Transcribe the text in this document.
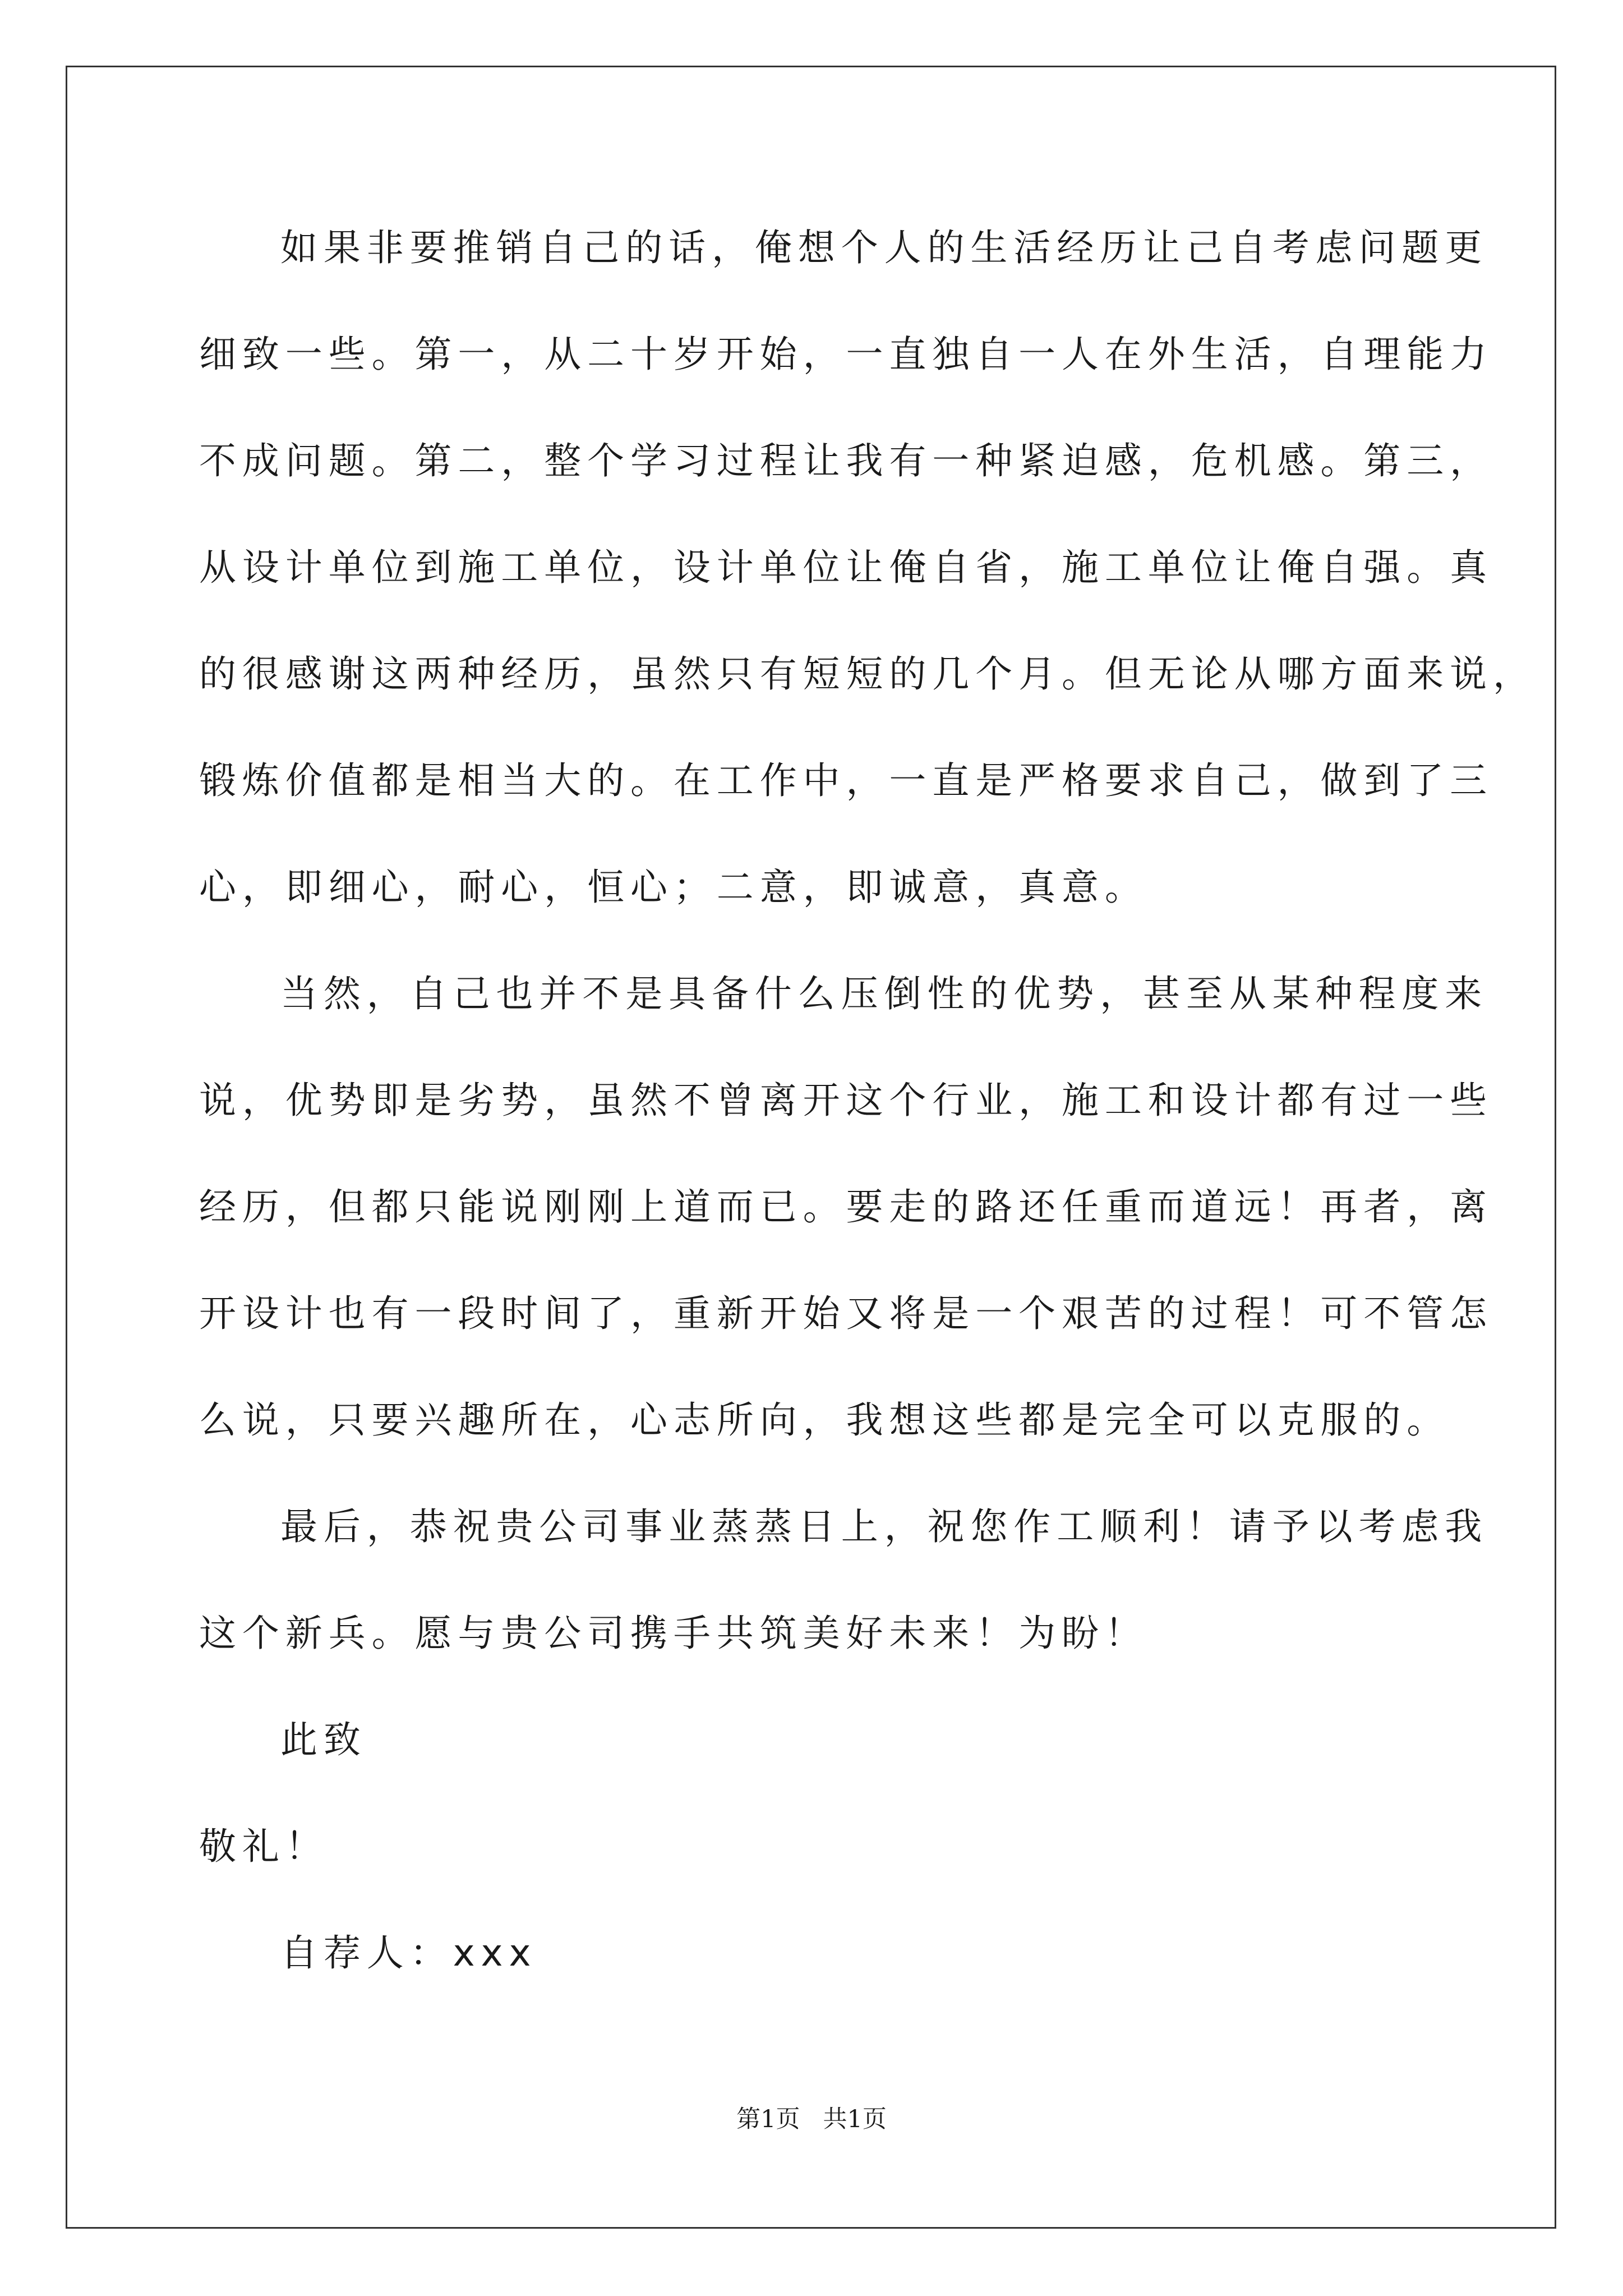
如果非要推销自己的话，俺想个人的生活经历让己自考虑问题更

细致一些。第一，从二十岁开始，一直独自一人在外生活，自理能力

不成问题。第二，整个学习过程让我有一种紧迫感，危机感。第三，

从设计单位到施工单位，设计单位让俺自省，施工单位让俺自强。真

的很感谢这两种经历，虽然只有短短的几个月。但无论从哪方面来说，

锻炼价值都是相当大的。在工作中，一直是严格要求自己，做到了三

心，即细心，耐心，恒心；二意，即诚意，真意。

当然，自己也并不是具备什么压倒性的优势，甚至从某种程度来

说，优势即是劣势，虽然不曾离开这个行业，施工和设计都有过一些

经历，但都只能说刚刚上道而已。要走的路还任重而道远！再者，离

开设计也有一段时间了，重新开始又将是一个艰苦的过程！可不管怎

么说，只要兴趣所在，心志所向，我想这些都是完全可以克服的。

最后，恭祝贵公司事业蒸蒸日上，祝您作工顺利！请予以考虑我

这个新兵。愿与贵公司携手共筑美好未来！为盼！

此致

敬礼！

自荐人：xxx

第1页   共1页
